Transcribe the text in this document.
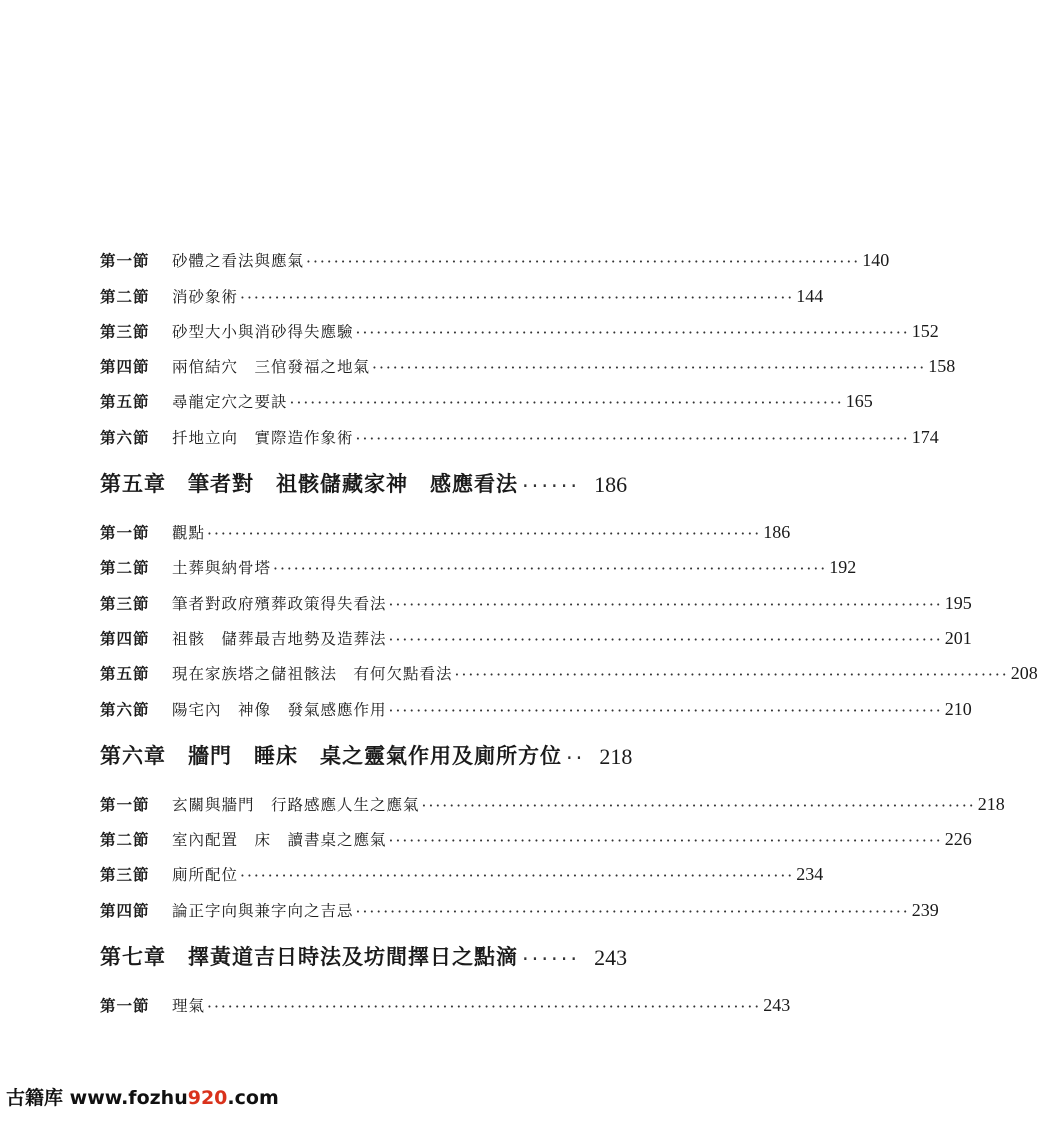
第一節	砂體之看法與應氣 ················································································ 140
第二節	消砂象術 ················································································ 144
第三節	砂型大小與消砂得失應驗 ················································································ 152
第四節	兩倌結穴　三倌發福之地氣 ················································································ 158
第五節	尋龍定穴之要訣 ················································································ 165
第六節	扦地立向　實際造作象術 ················································································ 174
第五章	筆者對　祖骸儲藏家神　感應看法 ······ 186
第一節	觀點 ················································································ 186
第二節	土葬與納骨塔 ················································································ 192
第三節	筆者對政府殯葬政策得失看法 ················································································ 195
第四節	祖骸　儲葬最吉地勢及造葬法 ················································································ 201
第五節	現在家族塔之儲祖骸法　有何欠點看法 ················································································ 208
第六節	陽宅內　神像　發氣感應作用 ················································································ 210
第六章	牆門　睡床　桌之靈氣作用及廁所方位 ·· 218
第一節	玄關與牆門　行路感應人生之應氣 ················································································ 218
第二節	室內配置　床　讀書桌之應氣 ················································································ 226
第三節	廁所配位 ················································································ 234
第四節	論正字向與兼字向之吉忌 ················································································ 239
第七章	擇黃道吉日時法及坊間擇日之點滴 ······ 243
第一節	理氣 ················································································ 243
古籍库 www.fozhu920.com
